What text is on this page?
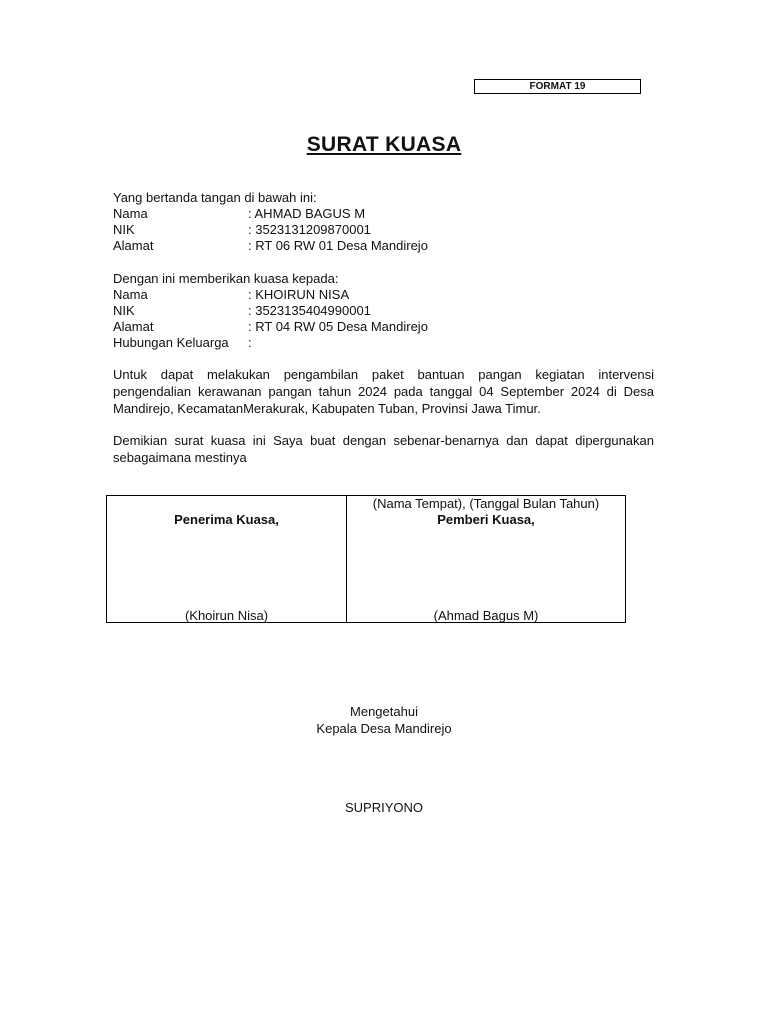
FORMAT 19
SURAT KUASA
Yang bertanda tangan di bawah ini:
Nama	: AHMAD BAGUS M
NIK	: 3523131209870001
Alamat	: RT 06 RW 01 Desa Mandirejo
Dengan ini memberikan kuasa kepada:
Nama	: KHOIRUN NISA
NIK	: 3523135404990001
Alamat	: RT 04 RW 05 Desa Mandirejo
Hubungan Keluarga :
Untuk dapat melakukan pengambilan paket bantuan pangan kegiatan intervensi pengendalian kerawanan pangan tahun 2024 pada tanggal 04 September 2024 di Desa Mandirejo, KecamatanMerakurak, Kabupaten Tuban, Provinsi Jawa Timur.
Demikian surat kuasa ini Saya buat dengan sebenar-benarnya dan dapat dipergunakan sebagaimana mestinya
Penerima Kuasa,
(Khoirun Nisa)
(Nama Tempat), (Tanggal Bulan Tahun)
Pemberi Kuasa,
(Ahmad Bagus M)
Mengetahui
Kepala Desa Mandirejo
SUPRIYONO
